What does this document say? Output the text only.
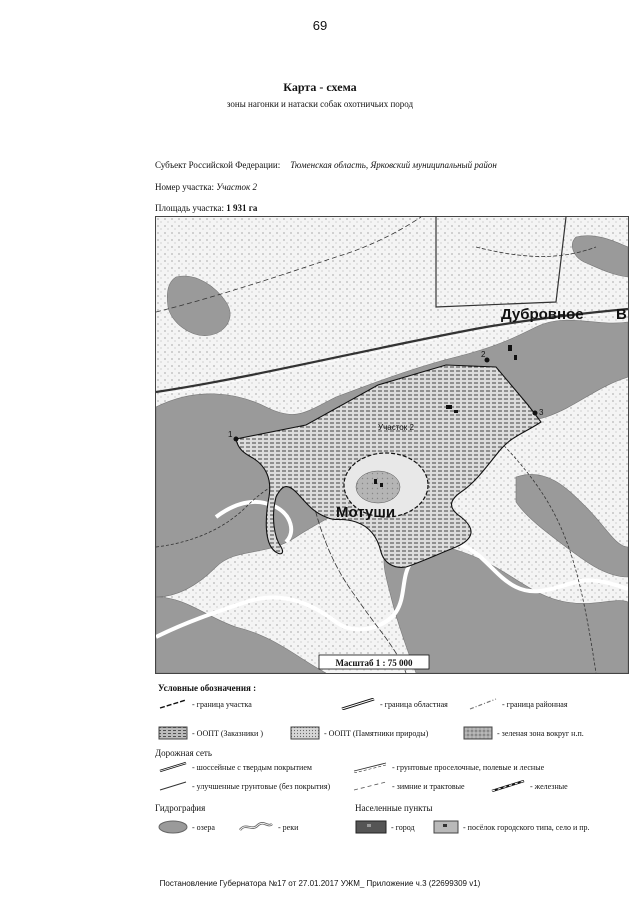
69
Карта - схема
зоны нагонки и натаски собак охотничьих пород
Субъект Российской Федерации: Тюменская область, Ярковский муниципальный район
Номер участка: Участок 2
Площадь участка: 1 931 га
1
2
3
Дубровное В
Мотуши
Участок 2
Масштаб 1 : 75 000
Условные обозначения :
- граница участка	- граница областная	- граница районная
- ООПТ (Заказники )	- ООПТ (Памятники природы)	- зеленая зона вокруг н.п.
Дорожная сеть
- шоссейные с твердым покрытием	- грунтовые проселочные, полевые и лесные
- улучшенные грунтовые (без покрытия)	- зимние и трактовые	- железные
Гидрография	Населенные пункты
- озера	- реки	- город	- посёлок городского типа, село и пр.
Постановление Губернатора №17 от 27.01.2017 УЖМ_ Приложение ч.3 (22699309 v1)
